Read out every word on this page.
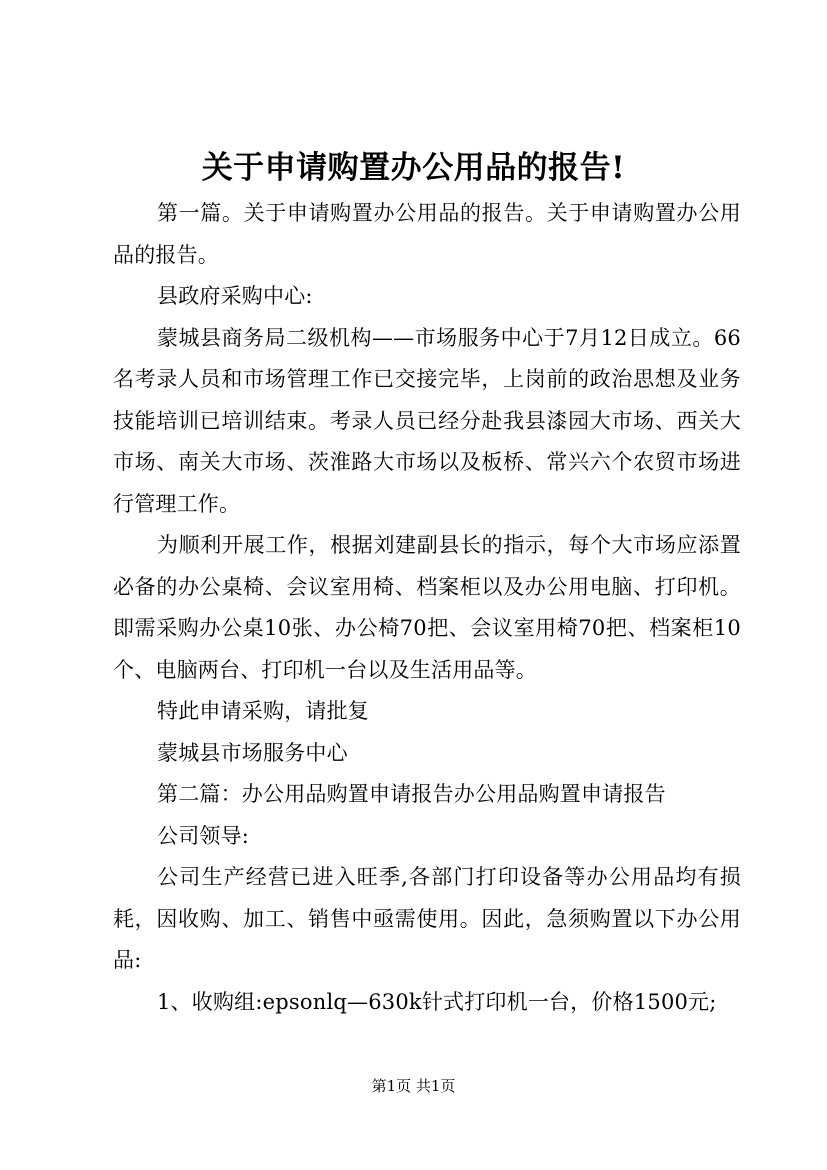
关于申请购置办公用品的报告!

第一篇。关于申请购置办公用品的报告。关于申请购置办公用品的报告。

县政府采购中心:

蒙城县商务局二级机构——市场服务中心于7月12日成立。66名考录人员和市场管理工作已交接完毕，上岗前的政治思想及业务技能培训已培训结束。考录人员已经分赴我县漆园大市场、西关大市场、南关大市场、茨淮路大市场以及板桥、常兴六个农贸市场进行管理工作。

为顺利开展工作，根据刘建副县长的指示，每个大市场应添置必备的办公桌椅、会议室用椅、档案柜以及办公用电脑、打印机。即需采购办公桌10张、办公椅70把、会议室用椅70把、档案柜10个、电脑两台、打印机一台以及生活用品等。

特此申请采购，请批复

蒙城县市场服务中心

第二篇：办公用品购置申请报告办公用品购置申请报告

公司领导:

公司生产经营已进入旺季,各部门打印设备等办公用品均有损耗，因收购、加工、销售中亟需使用。因此，急须购置以下办公用品:

1、收购组:epsonlq—630k针式打印机一台，价格1500元;

第1页 共1页
